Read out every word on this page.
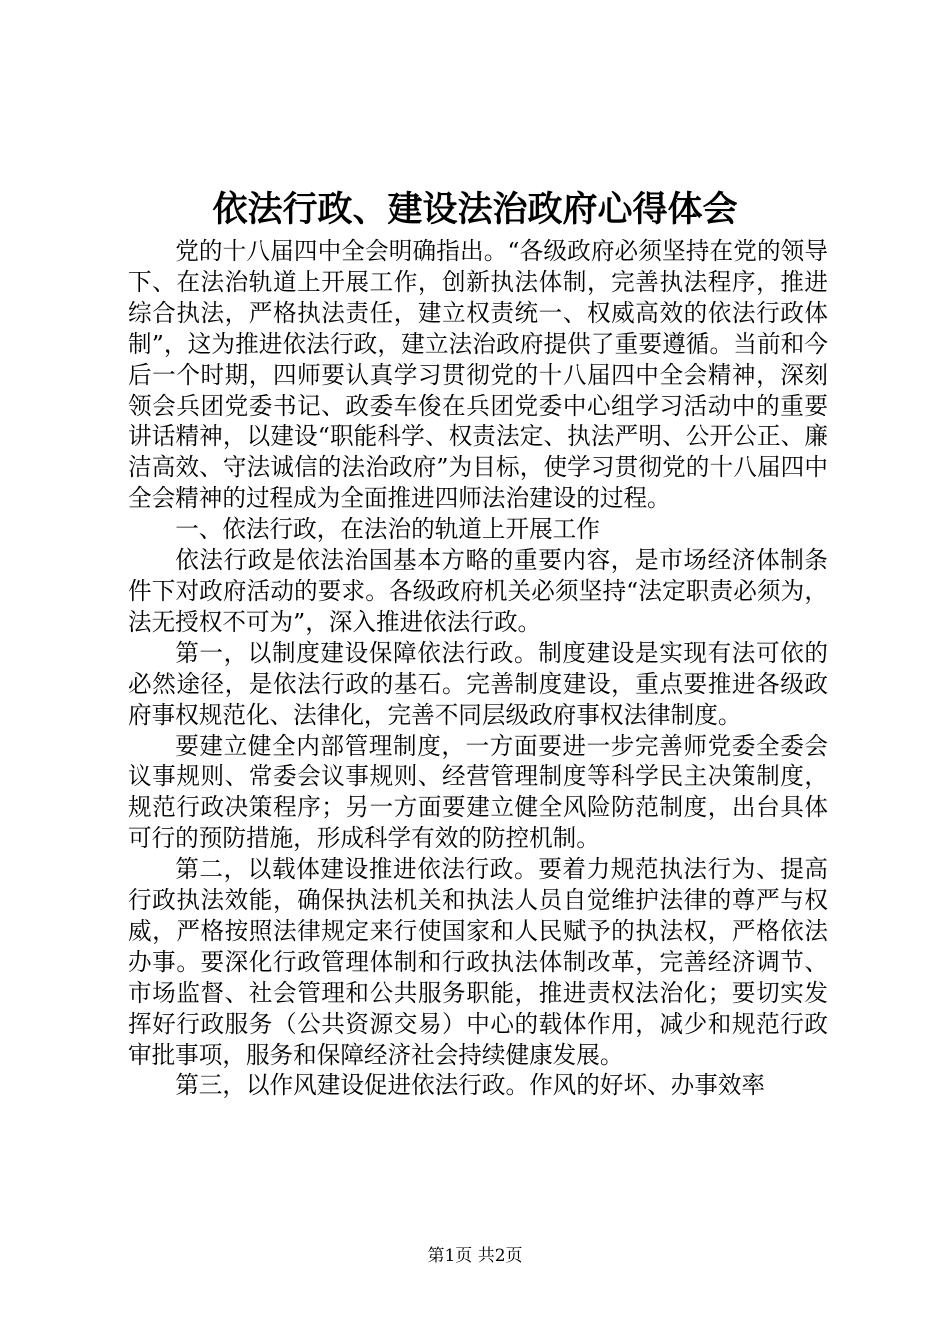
依法行政、建设法治政府心得体会

党的十八届四中全会明确指出。“各级政府必须坚持在党的领导下、在法治轨道上开展工作，创新执法体制，完善执法程序，推进综合执法，严格执法责任，建立权责统一、权威高效的依法行政体制”，这为推进依法行政，建立法治政府提供了重要遵循。当前和今后一个时期，四师要认真学习贯彻党的十八届四中全会精神，深刻领会兵团党委书记、政委车俊在兵团党委中心组学习活动中的重要讲话精神，以建设“职能科学、权责法定、执法严明、公开公正、廉洁高效、守法诚信的法治政府”为目标，使学习贯彻党的十八届四中全会精神的过程成为全面推进四师法治建设的过程。

一、依法行政，在法治的轨道上开展工作

依法行政是依法治国基本方略的重要内容，是市场经济体制条件下对政府活动的要求。各级政府机关必须坚持“法定职责必须为，法无授权不可为”，深入推进依法行政。

第一，以制度建设保障依法行政。制度建设是实现有法可依的必然途径，是依法行政的基石。完善制度建设，重点要推进各级政府事权规范化、法律化，完善不同层级政府事权法律制度。

要建立健全内部管理制度，一方面要进一步完善师党委全委会议事规则、常委会议事规则、经营管理制度等科学民主决策制度，规范行政决策程序；另一方面要建立健全风险防范制度，出台具体可行的预防措施，形成科学有效的防控机制。

第二，以载体建设推进依法行政。要着力规范执法行为、提高行政执法效能，确保执法机关和执法人员自觉维护法律的尊严与权威，严格按照法律规定来行使国家和人民赋予的执法权，严格依法办事。要深化行政管理体制和行政执法体制改革，完善经济调节、市场监督、社会管理和公共服务职能，推进责权法治化；要切实发挥好行政服务（公共资源交易）中心的载体作用，减少和规范行政审批事项，服务和保障经济社会持续健康发展。

第三，以作风建设促进依法行政。作风的好坏、办事效率

第1页 共2页
